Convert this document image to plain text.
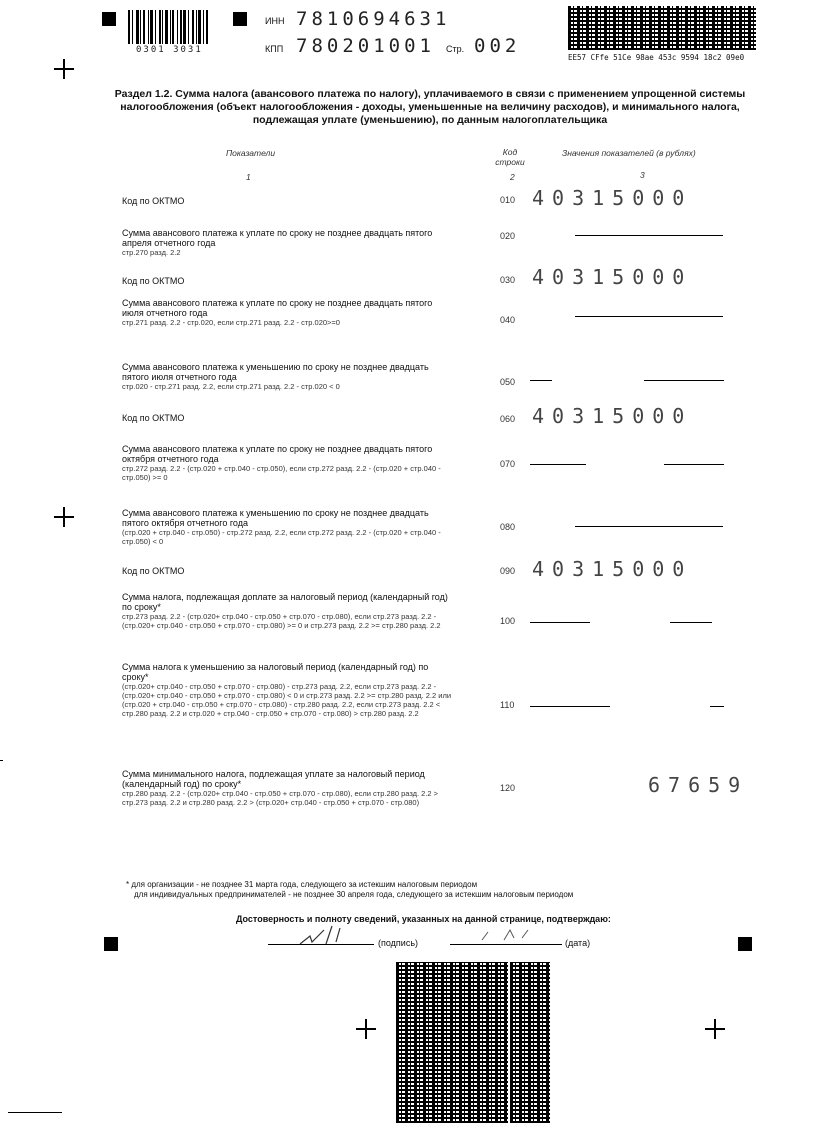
0301 3031
ИНН 7810694631
КПП 780201001 Стр. 002
EE57 CFfe 51Ce 98ae 453c 9594 18c2 09e0
Раздел 1.2. Сумма налога (авансового платежа по налогу), уплачиваемого в связи с применением упрощенной системы налогообложения (объект налогообложения - доходы, уменьшенные на величину расходов), и минимального налога, подлежащая уплате (уменьшению), по данным налогоплательщика
Показатели	Код строки
Значения показателей (в рублях)
1	2	3
Код по ОКТМО	010 40315000
Сумма авансового платежа к уплате по сроку не позднее двадцать пятого апреля отчетного года
стр.270 разд. 2.2
020
Код по ОКТМО	030 40315000
Сумма авансового платежа к уплате по сроку не позднее двадцать пятого июля отчетного года
стр.271 разд. 2.2 - стр.020, если стр.271 разд. 2.2 - стр.020>=0	040
Сумма авансового платежа к уменьшению по сроку не позднее двадцать пятого июля отчетного года
стр.020 - стр.271 разд. 2.2, если стр.271 разд. 2.2 - стр.020 < 0	050
Код по ОКТМО	060 40315000
Сумма авансового платежа к уплате по сроку не позднее двадцать пятого октября отчетного года
стр.272 разд. 2.2 - (стр.020 + стр.040 - стр.050), если стр.272 разд. 2.2 - (стр.020 + стр.040 - стр.050) >= 0
070
Сумма авансового платежа к уменьшению по сроку не позднее двадцать пятого октября отчетного года
(стр.020 + стр.040 - стр.050) - стр.272 разд. 2.2, если стр.272 разд. 2.2 - (стр.020 + стр.040 - стр.050) < 0
080
Код по ОКТМО	090 40315000
Сумма налога, подлежащая доплате за налоговый период (календарный год) по сроку*
стр.273 разд. 2.2 - (стр.020+ стр.040 - стр.050 + стр.070 - стр.080), если стр.273 разд. 2.2 - (стр.020+ стр.040 - стр.050 + стр.070 - стр.080) >= 0 и стр.273 разд. 2.2 >= стр.280 разд. 2.2	100
Сумма налога к уменьшению за налоговый период (календарный год) по сроку*
(стр.020+ стр.040 - стр.050 + стр.070 - стр.080) - стр.273 разд. 2.2, если стр.273 разд. 2.2 - (стр.020+ стр.040 - стр.050 + стр.070 - стр.080) < 0 и стр.273 разд. 2.2 >= стр.280 разд. 2.2 или (стр.020 + стр.040 - стр.050 + стр.070 - стр.080) - стр.280 разд. 2.2, если стр.273 разд. 2.2 < стр.280 разд. 2.2 и стр.020 + стр.040 - стр.050 + стр.070 - стр.080) > стр.280 разд. 2.2
110
Сумма минимального налога, подлежащая уплате за налоговый период (календарный год) по сроку*
стр.280 разд. 2.2 - (стр.020+ стр.040 - стр.050 + стр.070 - стр.080), если стр.280 разд. 2.2 > стр.273 разд. 2.2 и стр.280 разд. 2.2 > (стр.020+ стр.040 - стр.050 + стр.070 - стр.080)
120	67659
* для организации - не позднее 31 марта года, следующего за истекшим налоговым периодом
для индивидуальных предпринимателей - не позднее 30 апреля года, следующего за истекшим налоговым периодом
Достоверность и полноту сведений, указанных на данной странице, подтверждаю:
(подпись)	(дата)
